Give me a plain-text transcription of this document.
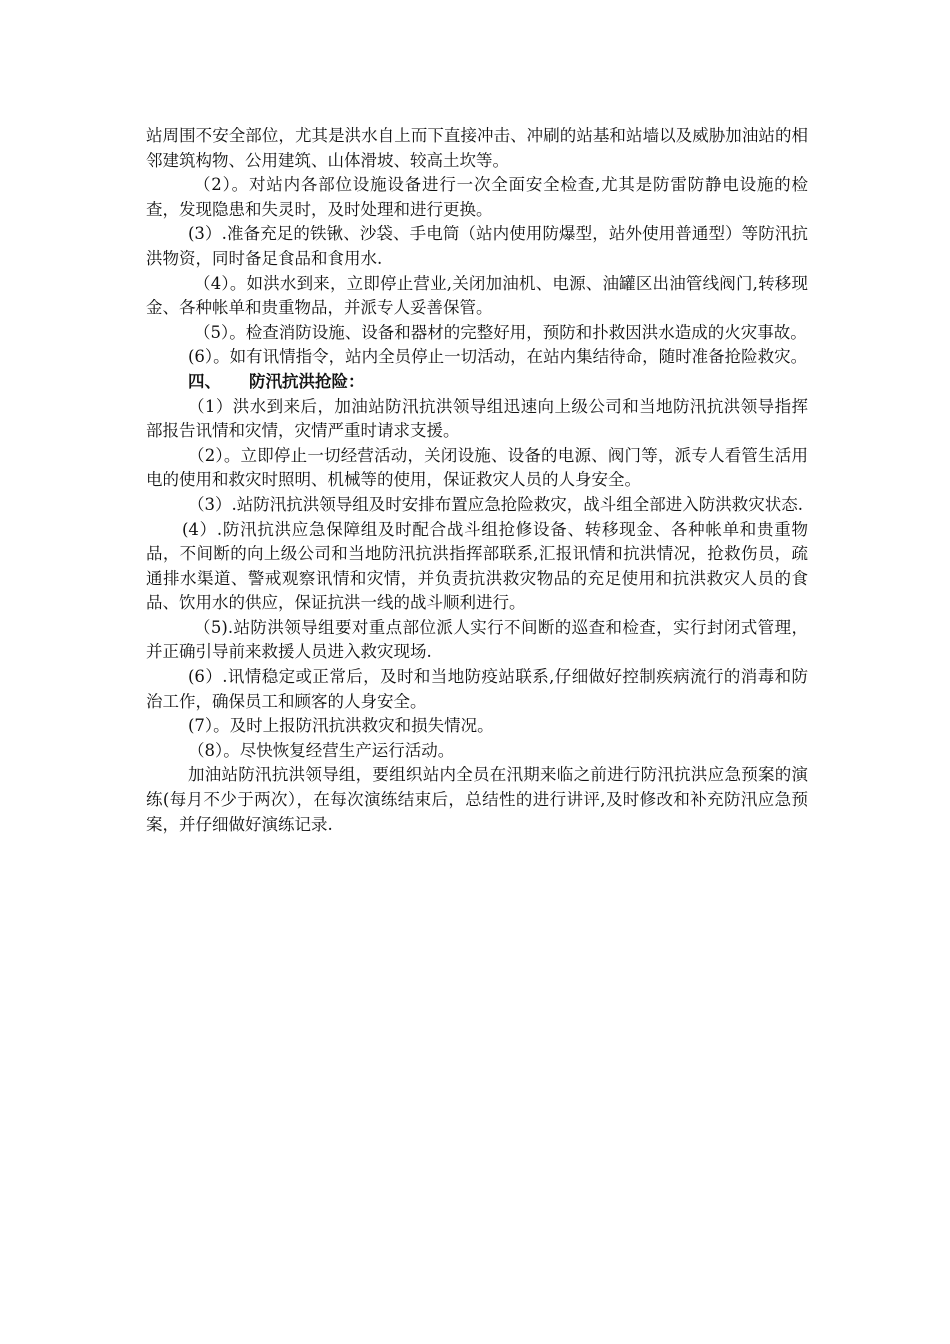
站周围不安全部位，尤其是洪水自上而下直接冲击、冲刷的站基和站墙以及威胁加油站的相邻建筑构物、公用建筑、山体滑坡、较高土坎等。

（2）。对站内各部位设施设备进行一次全面安全检查,尤其是防雷防静电设施的检查，发现隐患和失灵时，及时处理和进行更换。

(3）.准备充足的铁锹、沙袋、手电筒（站内使用防爆型，站外使用普通型）等防汛抗洪物资，同时备足食品和食用水.

（4）。如洪水到来，立即停止营业,关闭加油机、电源、油罐区出油管线阀门,转移现金、各种帐单和贵重物品，并派专人妥善保管。

（5）。检查消防设施、设备和器材的完整好用，预防和扑救因洪水造成的火灾事故。

(6）。如有讯情指令，站内全员停止一切活动，在站内集结待命，随时准备抢险救灾。

四、 防汛抗洪抢险：

（1）洪水到来后，加油站防汛抗洪领导组迅速向上级公司和当地防汛抗洪领导指挥部报告讯情和灾情，灾情严重时请求支援。

（2）。立即停止一切经营活动，关闭设施、设备的电源、阀门等，派专人看管生活用电的使用和救灾时照明、机械等的使用，保证救灾人员的人身安全。

（3）.站防汛抗洪领导组及时安排布置应急抢险救灾，战斗组全部进入防洪救灾状态.

(4）.防汛抗洪应急保障组及时配合战斗组抢修设备、转移现金、各种帐单和贵重物品，不间断的向上级公司和当地防汛抗洪指挥部联系,汇报讯情和抗洪情况，抢救伤员，疏通排水渠道、警戒观察讯情和灾情，并负责抗洪救灾物品的充足使用和抗洪救灾人员的食品、饮用水的供应，保证抗洪一线的战斗顺利进行。

（5).站防洪领导组要对重点部位派人实行不间断的巡查和检查，实行封闭式管理，并正确引导前来救援人员进入救灾现场.

(6）.讯情稳定或正常后，及时和当地防疫站联系,仔细做好控制疾病流行的消毒和防治工作，确保员工和顾客的人身安全。

(7）。及时上报防汛抗洪救灾和损失情况。

（8）。尽快恢复经营生产运行活动。

加油站防汛抗洪领导组，要组织站内全员在汛期来临之前进行防汛抗洪应急预案的演练(每月不少于两次），在每次演练结束后，总结性的进行讲评,及时修改和补充防汛应急预案，并仔细做好演练记录.
